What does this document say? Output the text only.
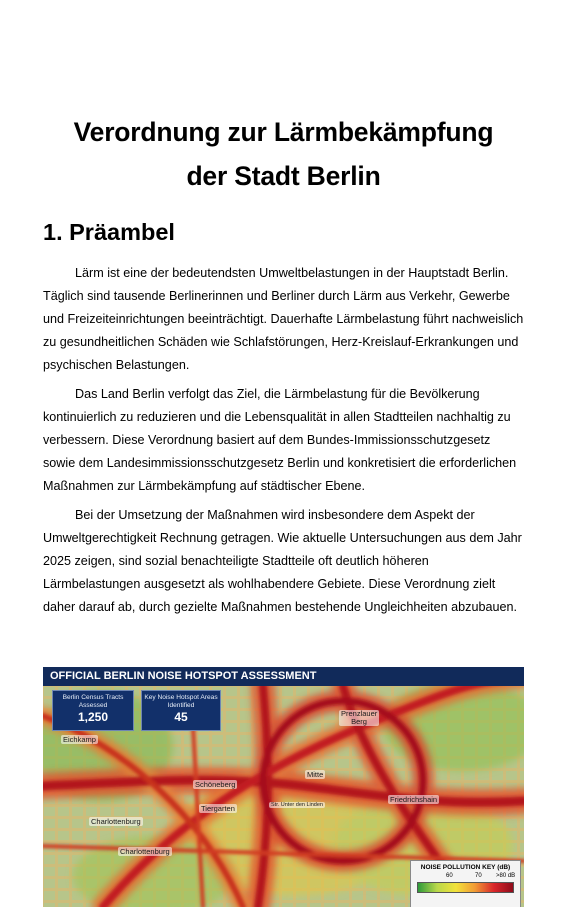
Verordnung zur Lärmbekämpfung
der Stadt Berlin
1. Präambel

Lärm ist eine der bedeutendsten Umweltbelastungen in der Hauptstadt Berlin. Täglich sind tausende Berlinerinnen und Berliner durch Lärm aus Verkehr, Gewerbe und Freizeiteinrichtungen beeinträchtigt. Dauerhafte Lärmbelastung führt nachweislich zu gesundheitlichen Schäden wie Schlafstörungen, Herz-Kreislauf-Erkrankungen und psychischen Belastungen.

Das Land Berlin verfolgt das Ziel, die Lärmbelastung für die Bevölkerung kontinuierlich zu reduzieren und die Lebensqualität in allen Stadtteilen nachhaltig zu verbessern. Diese Verordnung basiert auf dem Bundes-Immissionsschutzgesetz sowie dem Landesimmissionsschutzgesetz Berlin und konkretisiert die erforderlichen Maßnahmen zur Lärmbekämpfung auf städtischer Ebene.

Bei der Umsetzung der Maßnahmen wird insbesondere dem Aspekt der Umweltgerechtigkeit Rechnung getragen. Wie aktuelle Untersuchungen aus dem Jahr 2025 zeigen, sind sozial benachteiligte Stadtteile oft deutlich höheren Lärmbelastungen ausgesetzt als wohlhabendere Gebiete. Diese Verordnung zielt daher darauf ab, durch gezielte Maßnahmen bestehende Ungleichheiten abzubauen.

OFFICIAL BERLIN NOISE HOTSPOT ASSESSMENT
Berlin Census Tracts Assessed
1,250
Key Noise Hotspot Areas Identified
45
Eichkamp
Charlottenburg
Tiergarten
Mitte
Friedrichshain
Prenzlauer Berg
Schöneberg
Charlottenburg
Str. Unter den Linden
NOISE POLLUTION KEY (dB)
60	70 >80 dB
